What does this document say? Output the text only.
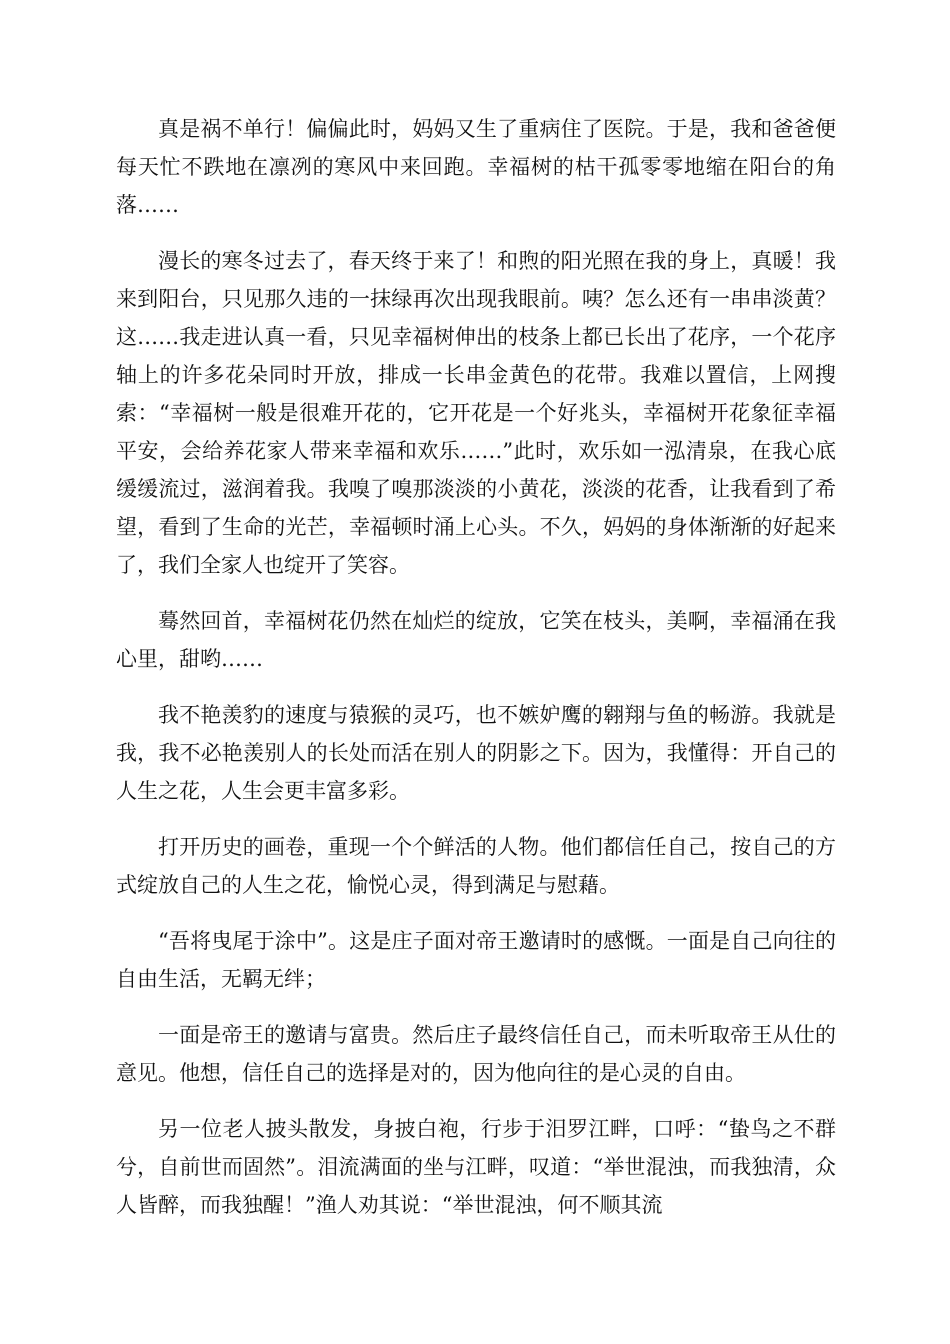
真是祸不单行！偏偏此时，妈妈又生了重病住了医院。于是，我和爸爸便每天忙不跌地在凛冽的寒风中来回跑。幸福树的枯干孤零零地缩在阳台的角落……

漫长的寒冬过去了，春天终于来了！和煦的阳光照在我的身上，真暖！我来到阳台，只见那久违的一抹绿再次出现我眼前。咦？怎么还有一串串淡黄？这……我走进认真一看，只见幸福树伸出的枝条上都已长出了花序，一个花序轴上的许多花朵同时开放，排成一长串金黄色的花带。我难以置信，上网搜索：“幸福树一般是很难开花的，它开花是一个好兆头，幸福树开花象征幸福平安，会给养花家人带来幸福和欢乐……”此时，欢乐如一泓清泉，在我心底缓缓流过，滋润着我。我嗅了嗅那淡淡的小黄花，淡淡的花香，让我看到了希望，看到了生命的光芒，幸福顿时涌上心头。不久，妈妈的身体渐渐的好起来了，我们全家人也绽开了笑容。

蓦然回首，幸福树花仍然在灿烂的绽放，它笑在枝头，美啊，幸福涌在我心里，甜哟……

我不艳羡豹的速度与猿猴的灵巧，也不嫉妒鹰的翱翔与鱼的畅游。我就是我，我不必艳羡别人的长处而活在别人的阴影之下。因为，我懂得：开自己的人生之花，人生会更丰富多彩。

打开历史的画卷，重现一个个鲜活的人物。他们都信任自己，按自己的方式绽放自己的人生之花，愉悦心灵，得到满足与慰藉。

“吾将曳尾于涂中”。这是庄子面对帝王邀请时的感慨。一面是自己向往的自由生活，无羁无绊；

一面是帝王的邀请与富贵。然后庄子最终信任自己，而未听取帝王从仕的意见。他想，信任自己的选择是对的，因为他向往的是心灵的自由。

另一位老人披头散发，身披白袍，行步于汨罗江畔，口呼：“蛰鸟之不群兮，自前世而固然”。泪流满面的坐与江畔，叹道：“举世混浊，而我独清，众人皆醉，而我独醒！”渔人劝其说：“举世混浊，何不顺其流
